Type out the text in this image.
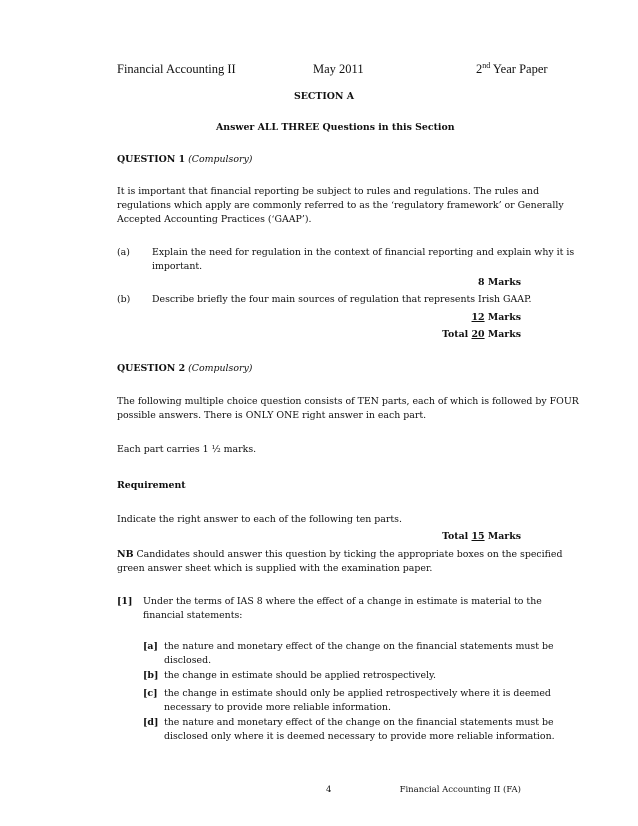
Financial Accounting II	May 2011	2nd Year Paper
SECTION A
Answer ALL THREE Questions in this Section
QUESTION 1 (Compulsory)
It is important that financial reporting be subject to rules and regulations. The rules and
regulations which apply are commonly referred to as the ‘regulatory framework’ or Generally
Accepted Accounting Practices (‘GAAP’).
(a) Explain the need for regulation in the context of financial reporting and explain why it is
important.
8 Marks
(b) Describe briefly the four main sources of regulation that represents Irish GAAP.
12 Marks
Total 20 Marks
QUESTION 2 (Compulsory)
The following multiple choice question consists of TEN parts, each of which is followed by FOUR
possible answers. There is ONLY ONE right answer in each part.
Each part carries 1 ½ marks.
Requirement
Indicate the right answer to each of the following ten parts.
Total 15 Marks
NB Candidates should answer this question by ticking the appropriate boxes on the specified
green answer sheet which is supplied with the examination paper.
[1] Under the terms of IAS 8 where the effect of a change in estimate is material to the
financial statements:
[a] the nature and monetary effect of the change on the financial statements must be
disclosed.
[b] the change in estimate should be applied retrospectively.
[c] the change in estimate should only be applied retrospectively where it is deemed
necessary to provide more reliable information.
[d] the nature and monetary effect of the change on the financial statements must be
disclosed only where it is deemed necessary to provide more reliable information.
4	Financial Accounting II (FA)
